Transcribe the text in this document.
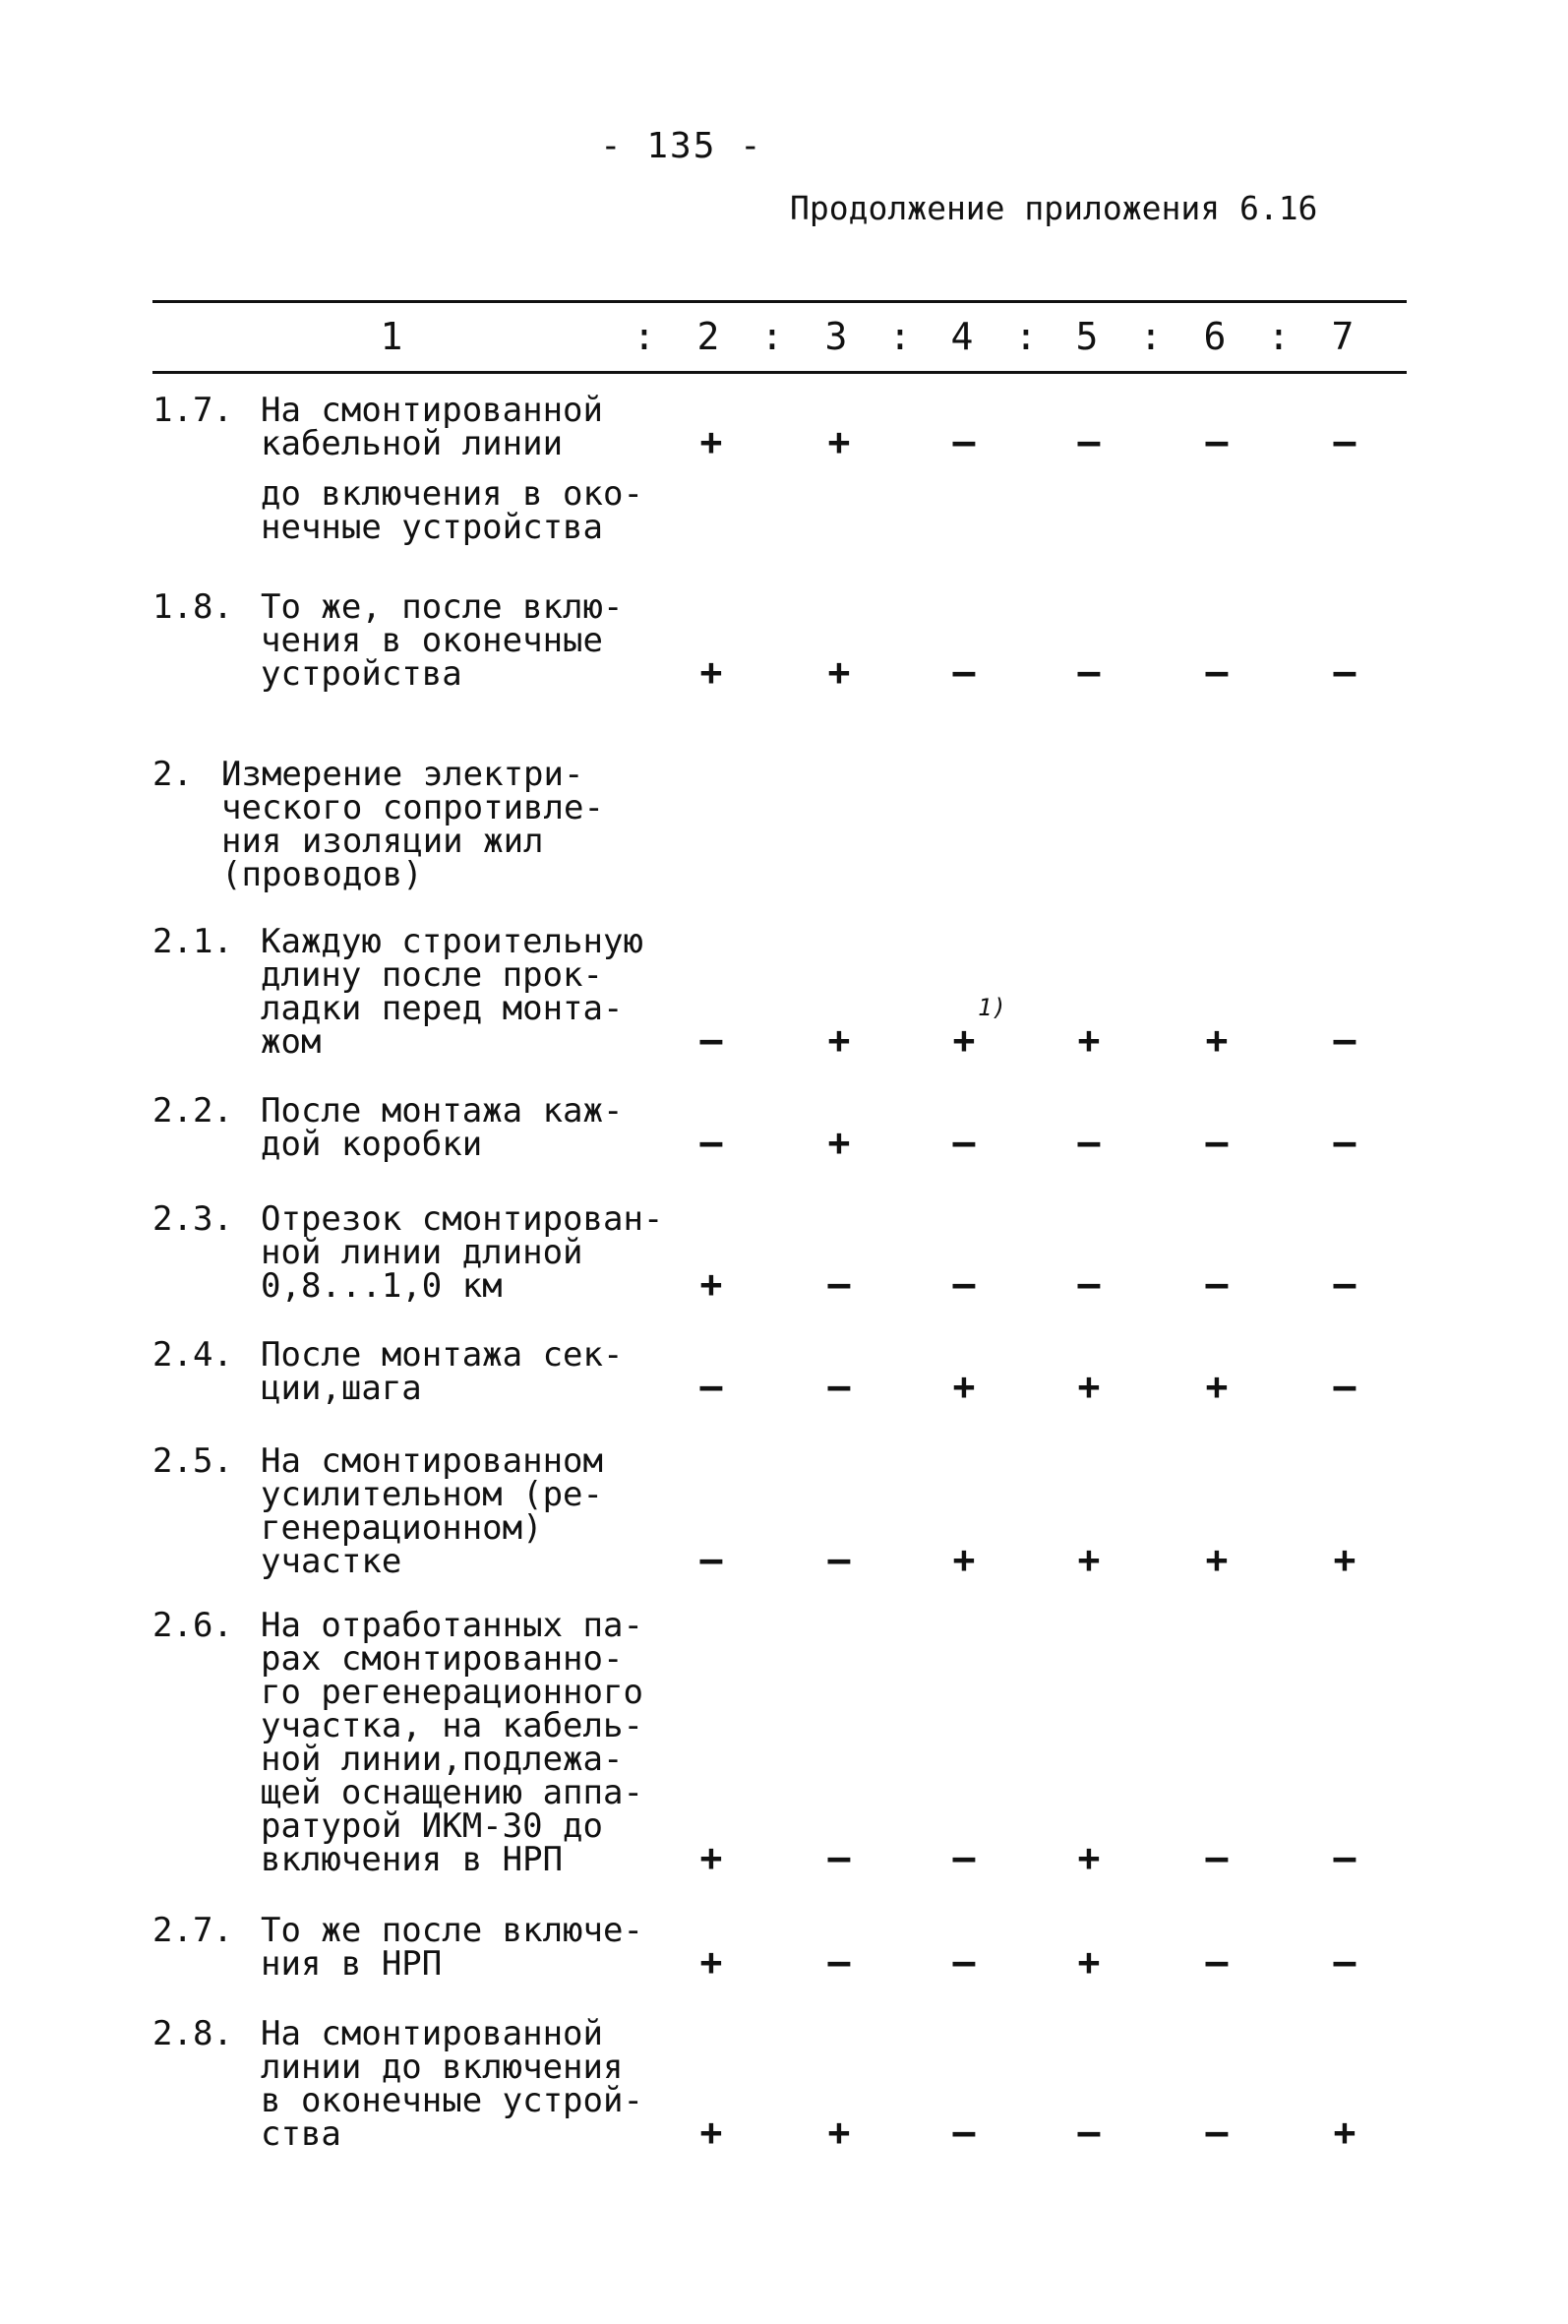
- 135 -
Продолжение приложения 6.16
1	2	3	4	5	6	7
:	:	:	:	:	:
1.7. На смонтированной
кабельной линии	+	+	–	–	–	–
до включения в око-
нечные устройства
1.8. То же, после вклю-
чения в оконечные
устройства	+	+	–	–	–	–
2. Измерение электри-
ческого сопротивле-
ния изоляции жил
(проводов)
2.1. Каждую строительную
длину после прок-
ладки перед монта-
жом	–	+	+	+	+	–
1)
2.2. После монтажа каж-
дой коробки	–	+	–	–	–	–
2.3. Отрезок смонтирован-
ной линии длиной
0,8...1,0 км	+	–	–	–	–	–
2.4. После монтажа сек-
ции,шага	–	–	+	+	+	–
2.5. На смонтированном
усилительном (ре-
генерационном)
участке	–	–	+	+	+	+
2.6. На отработанных па-
рах смонтированно-
го регенерационного
участка, на кабель-
ной линии,подлежа-
щей оснащению аппа-
ратурой ИКМ-30 до
включения в НРП	+	–	–	+	–	–
2.7. То же после включе-
ния в НРП	+	–	–	+	–	–
2.8. На смонтированной
линии до включения
в оконечные устрой-
ства	+	+	–	–	–	+
